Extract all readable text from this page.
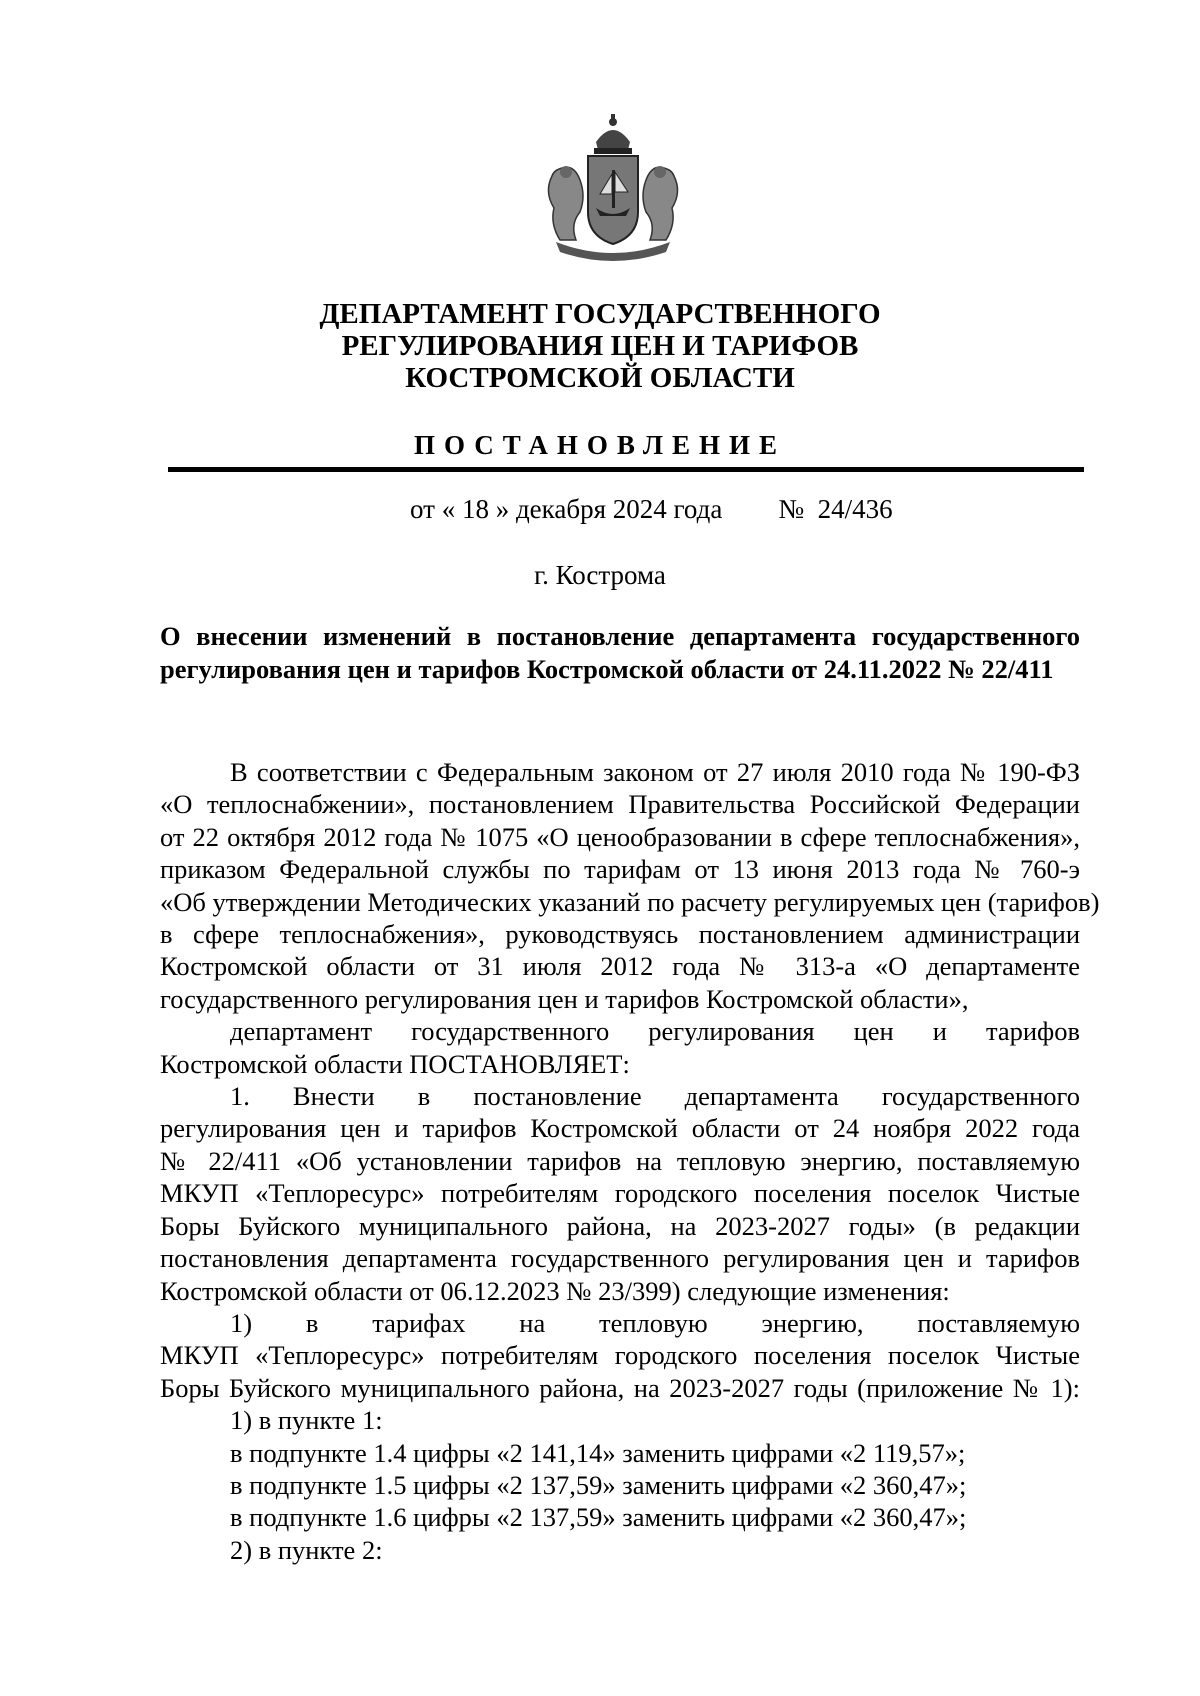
ДЕПАРТАМЕНТ ГОСУДАРСТВЕННОГО
РЕГУЛИРОВАНИЯ ЦЕН И ТАРИФОВ
КОСТРОМСКОЙ ОБЛАСТИ
ПОСТАНОВЛЕНИЕ
от « 18 » декабря 2024 года № 24/436
г. Кострома
О внесении изменений в постановление департамента государственного
регулирования цен и тарифов Костромской области от 24.11.2022 № 22/411
В соответствии с Федеральным законом от 27 июля 2010 года № 190-ФЗ
«О теплоснабжении», постановлением Правительства Российской Федерации
от 22 октября 2012 года № 1075 «О ценообразовании в сфере теплоснабжения»,
приказом Федеральной службы по тарифам от 13 июня 2013 года № 760-э
«Об утверждении Методических указаний по расчету регулируемых цен (тарифов)
в сфере теплоснабжения», руководствуясь постановлением администрации
Костромской области от 31 июля 2012 года № 313-а «О департаменте
государственного регулирования цен и тарифов Костромской области»,
департамент государственного регулирования цен и тарифов
Костромской области ПОСТАНОВЛЯЕТ:
1. Внести в постановление департамента государственного
регулирования цен и тарифов Костромской области от 24 ноября 2022 года
№ 22/411 «Об установлении тарифов на тепловую энергию, поставляемую
МКУП «Теплоресурс» потребителям городского поселения поселок Чистые
Боры Буйского муниципального района, на 2023-2027 годы» (в редакции
постановления департамента государственного регулирования цен и тарифов
Костромской области от 06.12.2023 № 23/399) следующие изменения:
1) в тарифах на тепловую энергию, поставляемую
МКУП «Теплоресурс» потребителям городского поселения поселок Чистые
Боры Буйского муниципального района, на 2023-2027 годы (приложение № 1):
1) в пункте 1:
в подпункте 1.4 цифры «2 141,14» заменить цифрами «2 119,57»;
в подпункте 1.5 цифры «2 137,59» заменить цифрами «2 360,47»;
в подпункте 1.6 цифры «2 137,59» заменить цифрами «2 360,47»;
2) в пункте 2:
